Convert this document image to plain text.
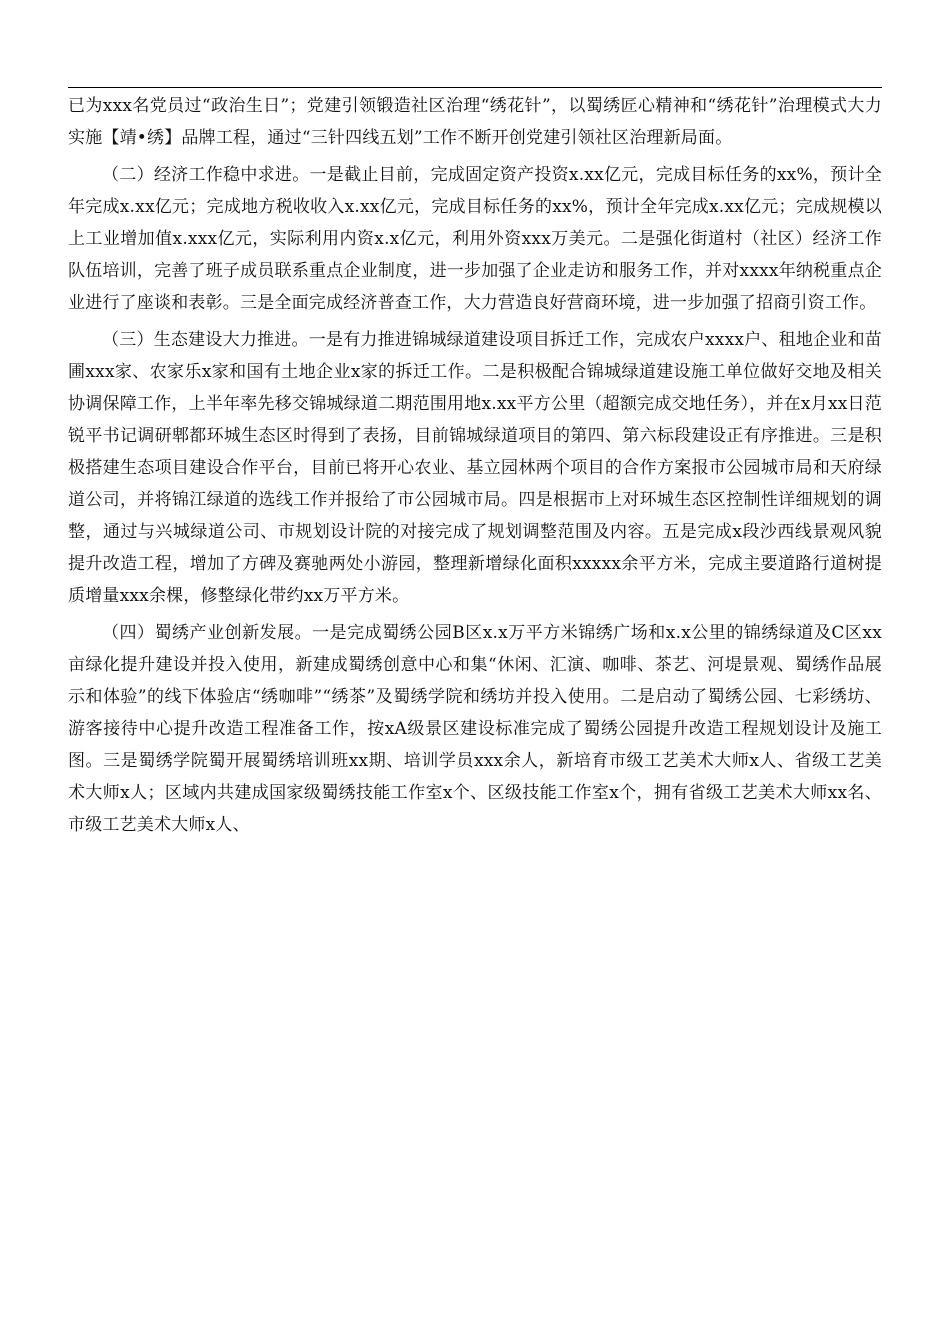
已为xxx名党员过“政治生日”；党建引领锻造社区治理“绣花针”，以蜀绣匠心精神和“绣花针”治理模式大力实施【靖•绣】品牌工程，通过“三针四线五划”工作不断开创党建引领社区治理新局面。

（二）经济工作稳中求进。一是截止目前，完成固定资产投资x.xx亿元，完成目标任务的xx%，预计全年完成x.xx亿元；完成地方税收收入x.xx亿元，完成目标任务的xx%，预计全年完成x.xx亿元；完成规模以上工业增加值x.xxx亿元，实际利用内资x.x亿元，利用外资xxx万美元。二是强化街道村（社区）经济工作队伍培训，完善了班子成员联系重点企业制度，进一步加强了企业走访和服务工作，并对xxxx年纳税重点企业进行了座谈和表彰。三是全面完成经济普查工作，大力营造良好营商环境，进一步加强了招商引资工作。

（三）生态建设大力推进。一是有力推进锦城绿道建设项目拆迁工作，完成农户xxxx户、租地企业和苗圃xxx家、农家乐x家和国有土地企业x家的拆迁工作。二是积极配合锦城绿道建设施工单位做好交地及相关协调保障工作，上半年率先移交锦城绿道二期范围用地x.xx平方公里（超额完成交地任务），并在x月xx日范锐平书记调研郫都环城生态区时得到了表扬，目前锦城绿道项目的第四、第六标段建设正有序推进。三是积极搭建生态项目建设合作平台，目前已将开心农业、基立园林两个项目的合作方案报市公园城市局和天府绿道公司，并将锦江绿道的选线工作并报给了市公园城市局。四是根据市上对环城生态区控制性详细规划的调整，通过与兴城绿道公司、市规划设计院的对接完成了规划调整范围及内容。五是完成x段沙西线景观风貌提升改造工程，增加了方碑及赛驰两处小游园，整理新增绿化面积xxxxx余平方米，完成主要道路行道树提质增量xxx余棵，修整绿化带约xx万平方米。

（四）蜀绣产业创新发展。一是完成蜀绣公园B区x.x万平方米锦绣广场和x.x公里的锦绣绿道及C区xx亩绿化提升建设并投入使用，新建成蜀绣创意中心和集“休闲、汇演、咖啡、茶艺、河堤景观、蜀绣作品展示和体验”的线下体验店“绣咖啡”“绣茶”及蜀绣学院和绣坊并投入使用。二是启动了蜀绣公园、七彩绣坊、游客接待中心提升改造工程准备工作，按xA级景区建设标准完成了蜀绣公园提升改造工程规划设计及施工图。三是蜀绣学院蜀开展蜀绣培训班xx期、培训学员xxx余人，新培育市级工艺美术大师x人、省级工艺美术大师x人；区域内共建成国家级蜀绣技能工作室x个、区级技能工作室x个，拥有省级工艺美术大师xx名、市级工艺美术大师x人、
